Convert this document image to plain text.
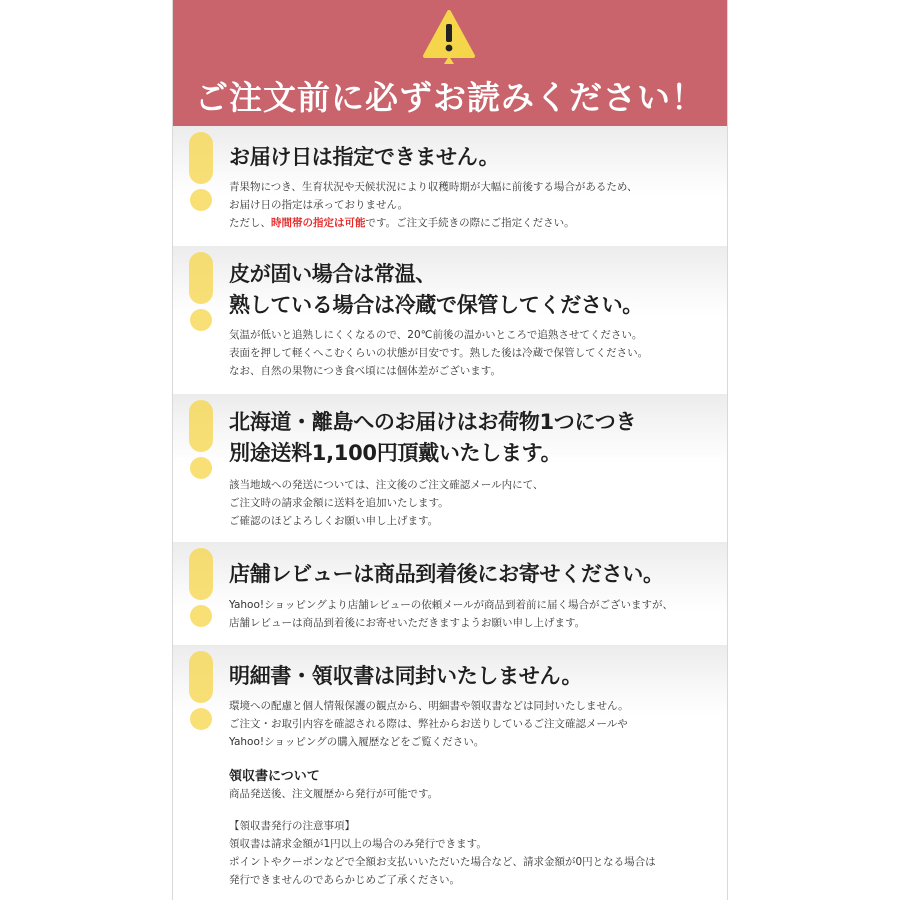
ご注文前に必ずお読みください！
お届け日は指定できません。
青果物につき、生育状況や天候状況により収穫時期が大幅に前後する場合があるため、
お届け日の指定は承っておりません。
ただし、時間帯の指定は可能です。ご注文手続きの際にご指定ください。
皮が固い場合は常温、
熟している場合は冷蔵で保管してください。
気温が低いと追熟しにくくなるので、20℃前後の温かいところで追熟させてください。
表面を押して軽くへこむくらいの状態が目安です。熟した後は冷蔵で保管してください。
なお、自然の果物につき食べ頃には個体差がございます。
北海道・離島へのお届けはお荷物1つにつき
別途送料1,100円頂戴いたします。
該当地域への発送については、注文後のご注文確認メール内にて、
ご注文時の請求金額に送料を追加いたします。
ご確認のほどよろしくお願い申し上げます。
店舗レビューは商品到着後にお寄せください。
Yahoo!ショッピングより店舗レビューの依頼メールが商品到着前に届く場合がございますが、
店舗レビューは商品到着後にお寄せいただきますようお願い申し上げます。
明細書・領収書は同封いたしません。
環境への配慮と個人情報保護の観点から、明細書や領収書などは同封いたしません。
ご注文・お取引内容を確認される際は、弊社からお送りしているご注文確認メールや
Yahoo!ショッピングの購入履歴などをご覧ください。
領収書について
商品発送後、注文履歴から発行が可能です。
【領収書発行の注意事項】
領収書は請求金額が1円以上の場合のみ発行できます。
ポイントやクーポンなどで全額お支払いいただいた場合など、請求金額が0円となる場合は
発行できませんのであらかじめご了承ください。
